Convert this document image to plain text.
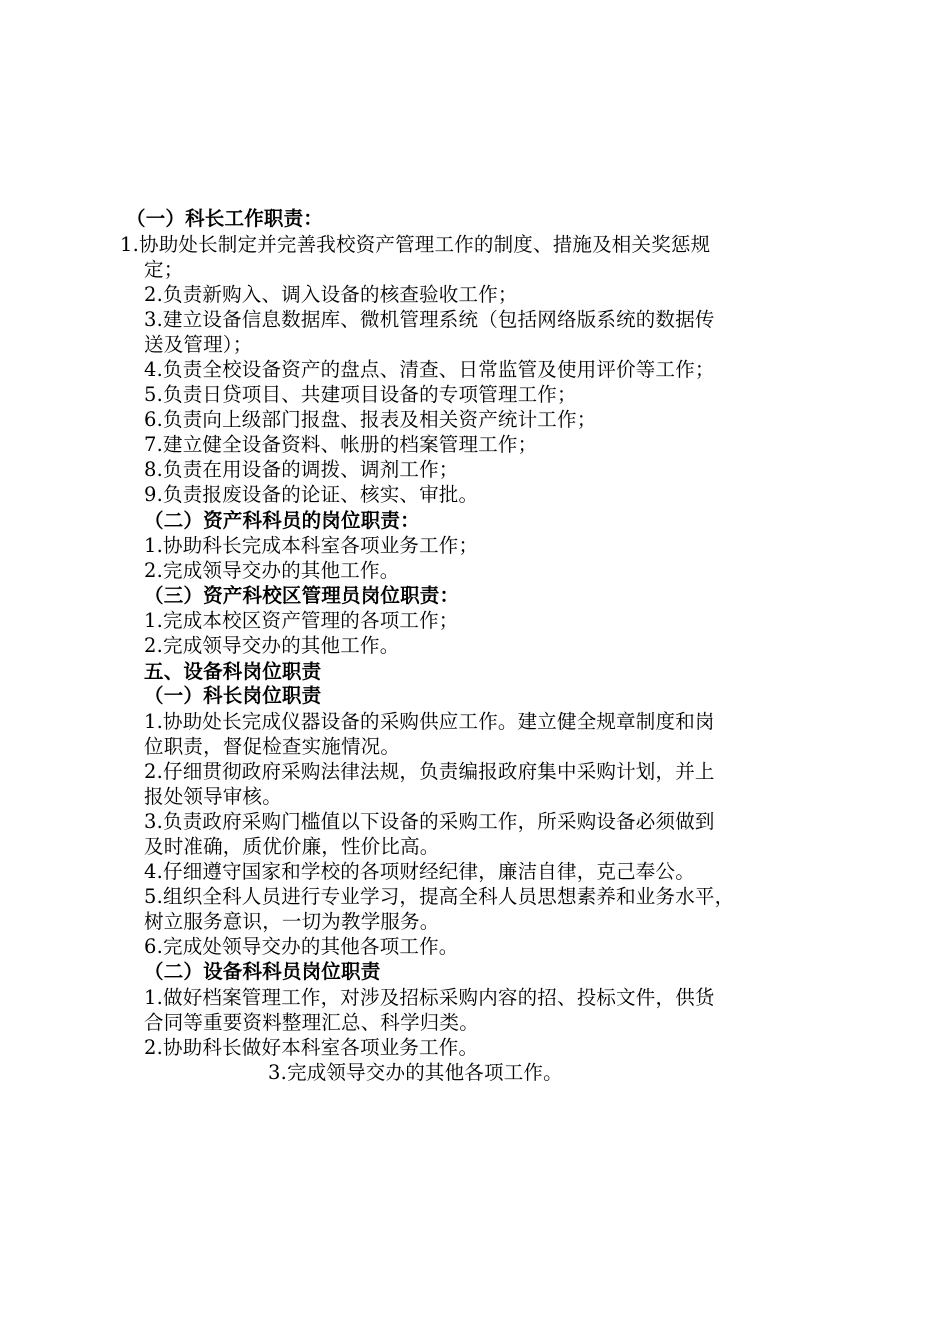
（一）科长工作职责：
1.协助处长制定并完善我校资产管理工作的制度、措施及相关奖惩规
定；
2.负责新购入、调入设备的核查验收工作；
3.建立设备信息数据库、微机管理系统（包括网络版系统的数据传
送及管理）；
4.负责全校设备资产的盘点、清查、日常监管及使用评价等工作；
5.负责日贷项目、共建项目设备的专项管理工作；
6.负责向上级部门报盘、报表及相关资产统计工作；
7.建立健全设备资料、帐册的档案管理工作；
8.负责在用设备的调拨、调剂工作；
9.负责报废设备的论证、核实、审批。
（二）资产科科员的岗位职责：
1.协助科长完成本科室各项业务工作；
2.完成领导交办的其他工作。
（三）资产科校区管理员岗位职责：
1.完成本校区资产管理的各项工作；
2.完成领导交办的其他工作。
五、设备科岗位职责
（一）科长岗位职责
1.协助处长完成仪器设备的采购供应工作。建立健全规章制度和岗
位职责，督促检查实施情况。
2.仔细贯彻政府采购法律法规，负责编报政府集中采购计划，并上
报处领导审核。
3.负责政府采购门槛值以下设备的采购工作，所采购设备必须做到
及时准确，质优价廉，性价比高。
4.仔细遵守国家和学校的各项财经纪律，廉洁自律，克己奉公。
5.组织全科人员进行专业学习，提高全科人员思想素养和业务水平，
树立服务意识，一切为教学服务。
6.完成处领导交办的其他各项工作。
（二）设备科科员岗位职责
1.做好档案管理工作，对涉及招标采购内容的招、投标文件，供货
合同等重要资料整理汇总、科学归类。
2.协助科长做好本科室各项业务工作。
3.完成领导交办的其他各项工作。
